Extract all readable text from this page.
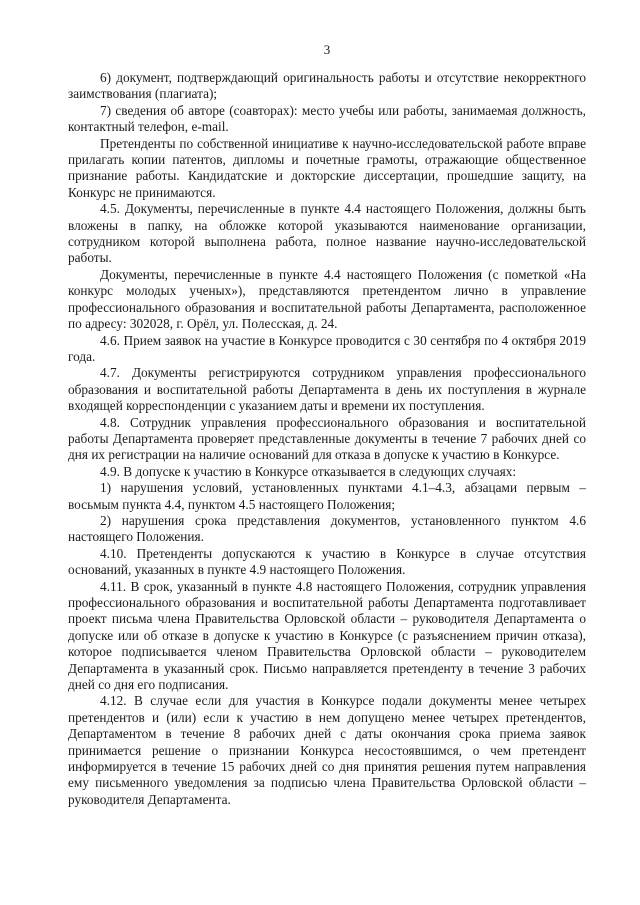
3

6) документ, подтверждающий оригинальность работы и отсутствие некорректного заимствования (плагиата);

7) сведения об авторе (соавторах): место учебы или работы, занимаемая должность, контактный телефон, e-mail.

Претенденты по собственной инициативе к научно-исследовательской работе вправе прилагать копии патентов, дипломы и почетные грамоты, отражающие общественное признание работы. Кандидатские и докторские диссертации, прошедшие защиту, на Конкурс не принимаются.

4.5. Документы, перечисленные в пункте 4.4 настоящего Положения, должны быть вложены в папку, на обложке которой указываются наименование организации, сотрудником которой выполнена работа, полное название научно-исследовательской работы.

Документы, перечисленные в пункте 4.4 настоящего Положения (с пометкой «На конкурс молодых ученых»), представляются претендентом лично в управление профессионального образования и воспитательной работы Департамента, расположенное по адресу: 302028, г. Орёл, ул. Полесская, д. 24.

4.6. Прием заявок на участие в Конкурсе проводится с 30 сентября по 4 октября 2019 года.

4.7. Документы регистрируются сотрудником управления профессионального образования и воспитательной работы Департамента в день их поступления в журнале входящей корреспонденции с указанием даты и времени их поступления.

4.8. Сотрудник управления профессионального образования и воспитательной работы Департамента проверяет представленные документы в течение 7 рабочих дней со дня их регистрации на наличие оснований для отказа в допуске к участию в Конкурсе.

4.9. В допуске к участию в Конкурсе отказывается в следующих случаях:

1) нарушения условий, установленных пунктами 4.1–4.3, абзацами первым – восьмым пункта 4.4, пунктом 4.5 настоящего Положения;

2) нарушения срока представления документов, установленного пунктом 4.6 настоящего Положения.

4.10. Претенденты допускаются к участию в Конкурсе в случае отсутствия оснований, указанных в пункте 4.9 настоящего Положения.

4.11. В срок, указанный в пункте 4.8 настоящего Положения, сотрудник управления профессионального образования и воспитательной работы Департамента подготавливает проект письма члена Правительства Орловской области – руководителя Департамента о допуске или об отказе в допуске к участию в Конкурсе (с разъяснением причин отказа), которое подписывается членом Правительства Орловской области – руководителем Департамента в указанный срок. Письмо направляется претенденту в течение 3 рабочих дней со дня его подписания.

4.12. В случае если для участия в Конкурсе подали документы менее четырех претендентов и (или) если к участию в нем допущено менее четырех претендентов, Департаментом в течение 8 рабочих дней с даты окончания срока приема заявок принимается решение о признании Конкурса несостоявшимся, о чем претендент информируется в течение 15 рабочих дней со дня принятия решения путем направления ему письменного уведомления за подписью члена Правительства Орловской области – руководителя Департамента.
